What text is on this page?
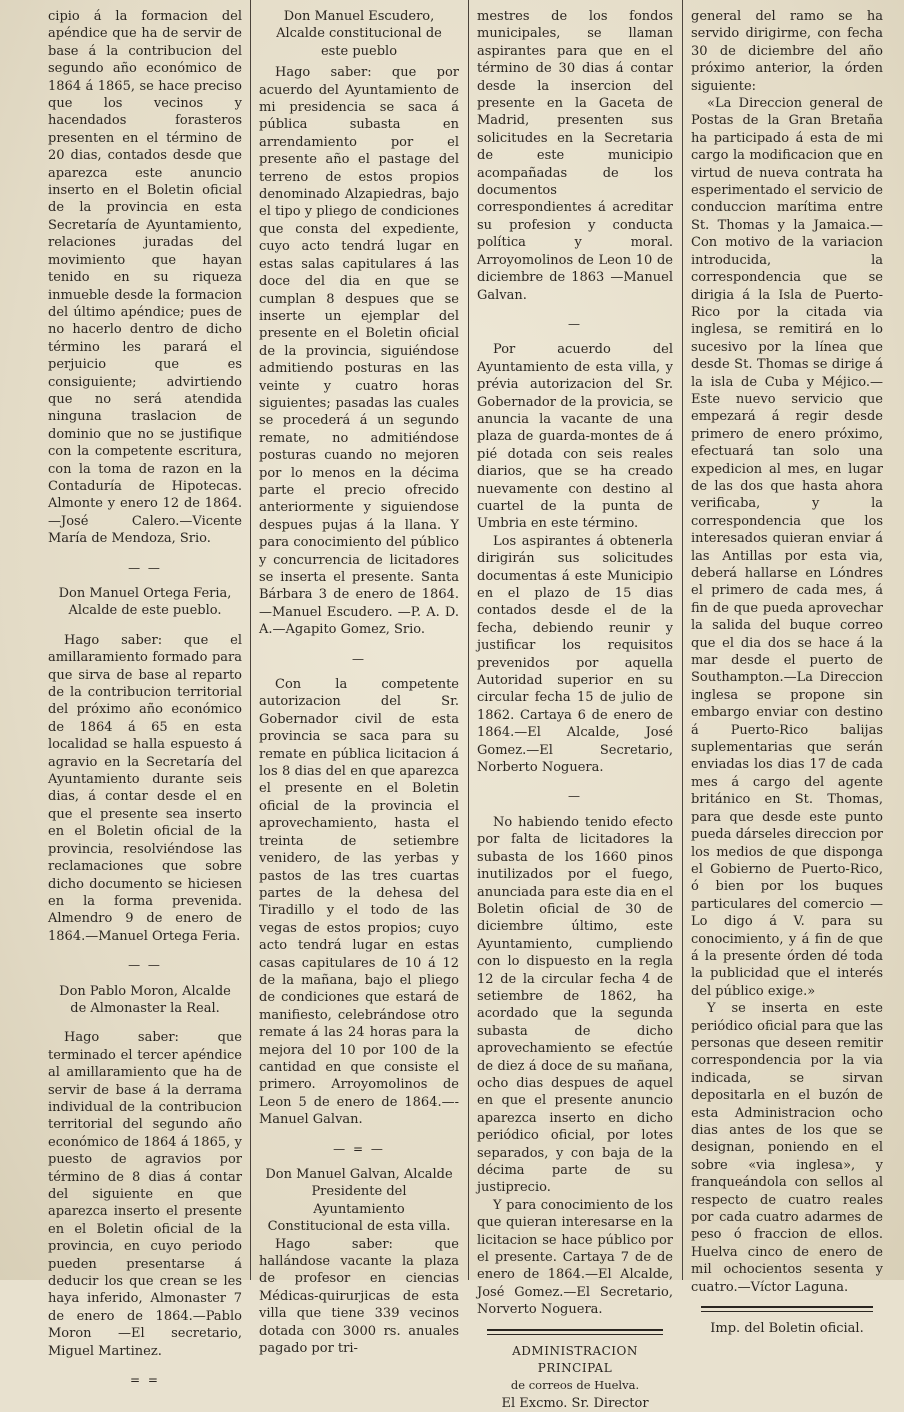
cipio á la formacion del apéndice que ha de servir de base á la contribucion del segundo año económico de 1864 á 1865, se hace preciso que los vecinos y hacendados forasteros presenten en el término de 20 dias, contados desde que aparezca este anuncio inserto en el Boletin oficial de la provincia en esta Secretaría de Ayuntamiento, relaciones juradas del movimiento que hayan tenido en su riqueza inmueble desde la formacion del último apéndice; pues de no hacerlo dentro de dicho término les parará el perjuicio que es consiguiente; advirtiendo que no será atendida ninguna traslacion de dominio que no se justifique con la competente escritura, con la toma de razon en la Contaduría de Hipotecas. Almonte y enero 12 de 1864. —José Calero.—Vicente María de Mendoza, Srio.

— —

Don Manuel Ortega Feria, Alcalde de este pueblo.

Hago saber: que el amillaramiento formado para que sirva de base al reparto de la contribucion territorial del próximo año económico de 1864 á 65 en esta localidad se halla espuesto á agravio en la Secretaría del Ayuntamiento durante seis dias, á contar desde el en que el presente sea inserto en el Boletin oficial de la provincia, resolviéndose las reclamaciones que sobre dicho documento se hiciesen en la forma prevenida. Almendro 9 de enero de 1864.—Manuel Ortega Feria.

— —

Don Pablo Moron, Alcalde de Almonaster la Real.

Hago saber: que terminado el tercer apéndice al amillaramiento que ha de servir de base á la derrama individual de la contribucion territorial del segundo año económico de 1864 á 1865, y puesto de agravios por término de 8 dias á contar del siguiente en que aparezca inserto el presente en el Boletin oficial de la provincia, en cuyo periodo pueden presentarse á deducir los que crean se les haya inferido, Almonaster 7 de enero de 1864.—Pablo Moron —El secretario, Miguel Martinez.

= =

Don Manuel Escudero, Alcalde constitucional de este pueblo

Hago saber: que por acuerdo del Ayuntamiento de mi presidencia se saca á pública subasta en arrendamiento por el presente año el pastage del terreno de estos propios denominado Alzapiedras, bajo el tipo y pliego de condiciones que consta del expediente, cuyo acto tendrá lugar en estas salas capitulares á las doce del dia en que se cumplan 8 despues que se inserte un ejemplar del presente en el Boletin oficial de la provincia, siguiéndose admitiendo posturas en las veinte y cuatro horas siguientes; pasadas las cuales se procederá á un segundo remate, no admitiéndose posturas cuando no mejoren por lo menos en la décima parte el precio ofrecido anteriormente y siguiendose despues pujas á la llana. Y para conocimiento del público y concurrencia de licitadores se inserta el presente. Santa Bárbara 3 de enero de 1864.—Manuel Escudero. —P. A. D. A.—Agapito Gomez, Srio.

—

Con la competente autorizacion del Sr. Gobernador civil de esta provincia se saca para su remate en pública licitacion á los 8 dias del en que aparezca el presente en el Boletin oficial de la provincia el aprovechamiento, hasta el treinta de setiembre venidero, de las yerbas y pastos de las tres cuartas partes de la dehesa del Tiradillo y el todo de las vegas de estos propios; cuyo acto tendrá lugar en estas casas capitulares de 10 á 12 de la mañana, bajo el pliego de condiciones que estará de manifiesto, celebrándose otro remate á las 24 horas para la mejora del 10 por 100 de la cantidad en que consiste el primero. Arroyomolinos de Leon 5 de enero de 1864.—-Manuel Galvan.

— = —

Don Manuel Galvan, Alcalde Presidente del Ayuntamiento Constitucional de esta villa.

Hago saber: que hallándose vacante la plaza de profesor en ciencias Médicas-quirurjicas de esta villa que tiene 339 vecinos dotada con 3000 rs. anuales pagado por tri-

mestres de los fondos municipales, se llaman aspirantes para que en el término de 30 dias á contar desde la insercion del presente en la Gaceta de Madrid, presenten sus solicitudes en la Secretaria de este municipio acompañadas de los documentos correspondientes á acreditar su profesion y conducta política y moral. Arroyomolinos de Leon 10 de diciembre de 1863 —Manuel Galvan.

—

Por acuerdo del Ayuntamiento de esta villa, y prévia autorizacion del Sr. Gobernador de la provicia, se anuncia la vacante de una plaza de guarda-montes de á pié dotada con seis reales diarios, que se ha creado nuevamente con destino al cuartel de la punta de Umbria en este término.

Los aspirantes á obtenerla dirigirán sus solicitudes documentas á este Municipio en el plazo de 15 dias contados desde el de la fecha, debiendo reunir y justificar los requisitos prevenidos por aquella Autoridad superior en su circular fecha 15 de julio de 1862. Cartaya 6 de enero de 1864.—El Alcalde, José Gomez.—El Secretario, Norberto Noguera.

—

No habiendo tenido efecto por falta de licitadores la subasta de los 1660 pinos inutilizados por el fuego, anunciada para este dia en el Boletin oficial de 30 de diciembre último, este Ayuntamiento, cumpliendo con lo dispuesto en la regla 12 de la circular fecha 4 de setiembre de 1862, ha acordado que la segunda subasta de dicho aprovechamiento se efectúe de diez á doce de su mañana, ocho dias despues de aquel en que el presente anuncio aparezca inserto en dicho periódico oficial, por lotes separados, y con baja de la décima parte de su justiprecio.

Y para conocimiento de los que quieran interesarse en la licitacion se hace público por el presente. Cartaya 7 de de enero de 1864.—El Alcalde, José Gomez.—El Secretario, Norverto Noguera.

ADMINISTRACION PRINCIPAL

de correos de Huelva.

El Excmo. Sr. Director

general del ramo se ha servido dirigirme, con fecha 30 de diciembre del año próximo anterior, la órden siguiente:

«La Direccion general de Postas de la Gran Bretaña ha participado á esta de mi cargo la modificacion que en virtud de nueva contrata ha esperimentado el servicio de conduccion marítima entre St. Thomas y la Jamaica.—Con motivo de la variacion introducida, la correspondencia que se dirigia á la Isla de Puerto-Rico por la citada via inglesa, se remitirá en lo sucesivo por la línea que desde St. Thomas se dirige á la isla de Cuba y Méjico.—Este nuevo servicio que empezará á regir desde primero de enero próximo, efectuará tan solo una expedicion al mes, en lugar de las dos que hasta ahora verificaba, y la correspondencia que los interesados quieran enviar á las Antillas por esta via, deberá hallarse en Lóndres el primero de cada mes, á fin de que pueda aprovechar la salida del buque correo que el dia dos se hace á la mar desde el puerto de Southampton.—La Direccion inglesa se propone sin embargo enviar con destino á Puerto-Rico balijas suplementarias que serán enviadas los dias 17 de cada mes á cargo del agente británico en St. Thomas, para que desde este punto pueda dárseles direccion por los medios de que disponga el Gobierno de Puerto-Rico, ó bien por los buques particulares del comercio —Lo digo á V. para su conocimiento, y á fin de que á la presente órden dé toda la publicidad que el interés del público exige.»

Y se inserta en este periódico oficial para que las personas que deseen remitir correspondencia por la via indicada, se sirvan depositarla en el buzón de esta Administracion ocho dias antes de los que se designan, poniendo en el sobre «via inglesa», y franqueándola con sellos al respecto de cuatro reales por cada cuatro adarmes de peso ó fraccion de ellos. Huelva cinco de enero de mil ochocientos sesenta y cuatro.—Víctor Laguna.

Imp. del Boletin oficial.
